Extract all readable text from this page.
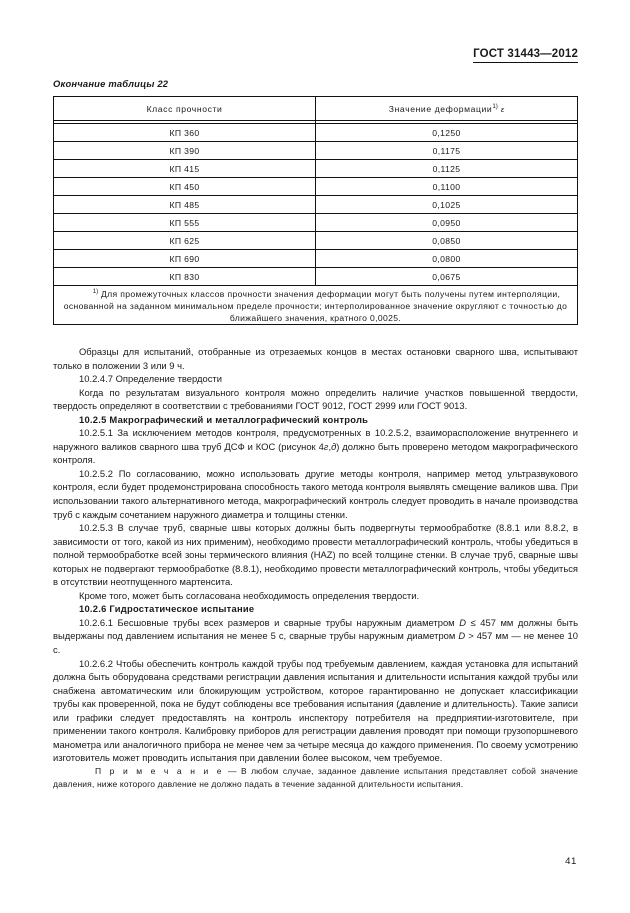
ГОСТ 31443—2012
Окончание таблицы 22
Класс прочности	Значение деформации$^{1)}$ ε

КП 360	0,1250
КП 390	0,1175
КП 415	0,1125
КП 450	0,1100
КП 485	0,1025
КП 555	0,0950
КП 625	0,0850
КП 690	0,0800
КП 830	0,0675
$^{1)}$ Для промежуточных классов прочности значения деформации могут быть получены путем интерполяции, основанной на заданном минимальном пределе прочности; интерполированное значение округляют с точностью до ближайшего значения, кратного 0,0025.	

Образцы для испытаний, отобранные из отрезаемых концов в местах остановки сварного шва, испытывают только в положении 3 или 9 ч.

10.2.4.7 Определение твердости

Когда по результатам визуального контроля можно определить наличие участков повышенной твердости, твердость определяют в соответствии с требованиями ГОСТ 9012, ГОСТ 2999 или ГОСТ 9013.

10.2.5 Макрографический и металлографический контроль

10.2.5.1 За исключением методов контроля, предусмотренных в 10.2.5.2, взаиморасположение внутреннего и наружного валиков сварного шва труб ДСФ и КОС (рисунок 4г,д) должно быть проверено методом макрографического контроля.

10.2.5.2 По согласованию, можно использовать другие методы контроля, например метод ультразвукового контроля, если будет продемонстрирована способность такого метода контроля выявлять смещение валиков шва. При использовании такого альтернативного метода, макрографический контроль следует проводить в начале производства труб с каждым сочетанием наружного диаметра и толщины стенки.

10.2.5.3 В случае труб, сварные швы которых должны быть подвергнуты термообработке (8.8.1 или 8.8.2, в зависимости от того, какой из них применим), необходимо провести металлографический контроль, чтобы убедиться в полной термообработке всей зоны термического влияния (HAZ) по всей толщине стенки. В случае труб, сварные швы которых не подвергают термообработке (8.8.1), необходимо провести металлографический контроль, чтобы убедиться в отсутствии неотпущенного мартенсита.

Кроме того, может быть согласована необходимость определения твердости.

10.2.6 Гидростатическое испытание

10.2.6.1 Бесшовные трубы всех размеров и сварные трубы наружным диаметром D ≤ 457 мм должны быть выдержаны под давлением испытания не менее 5 с, сварные трубы наружным диаметром D > 457 мм — не менее 10 с.

10.2.6.2 Чтобы обеспечить контроль каждой трубы под требуемым давлением, каждая установка для испытаний должна быть оборудована средствами регистрации давления испытания и длительности испытания каждой трубы или снабжена автоматическим или блокирующим устройством, которое гарантированно не допускает классификации трубы как проверенной, пока не будут соблюдены все требования испытания (давление и длительность). Такие записи или графики следует предоставлять на контроль инспектору потребителя на предприятии-изготовителе, при применении такого контроля. Калибровку приборов для регистрации давления проводят при помощи грузопоршневого манометра или аналогичного прибора не менее чем за четыре месяца до каждого применения. По своему усмотрению изготовитель может проводить испытания при давлении более высоком, чем требуемое.

П р и м е ч а н и е — В любом случае, заданное давление испытания представляет собой значение давления, ниже которого давление не должно падать в течение заданной длительности испытания.

41
